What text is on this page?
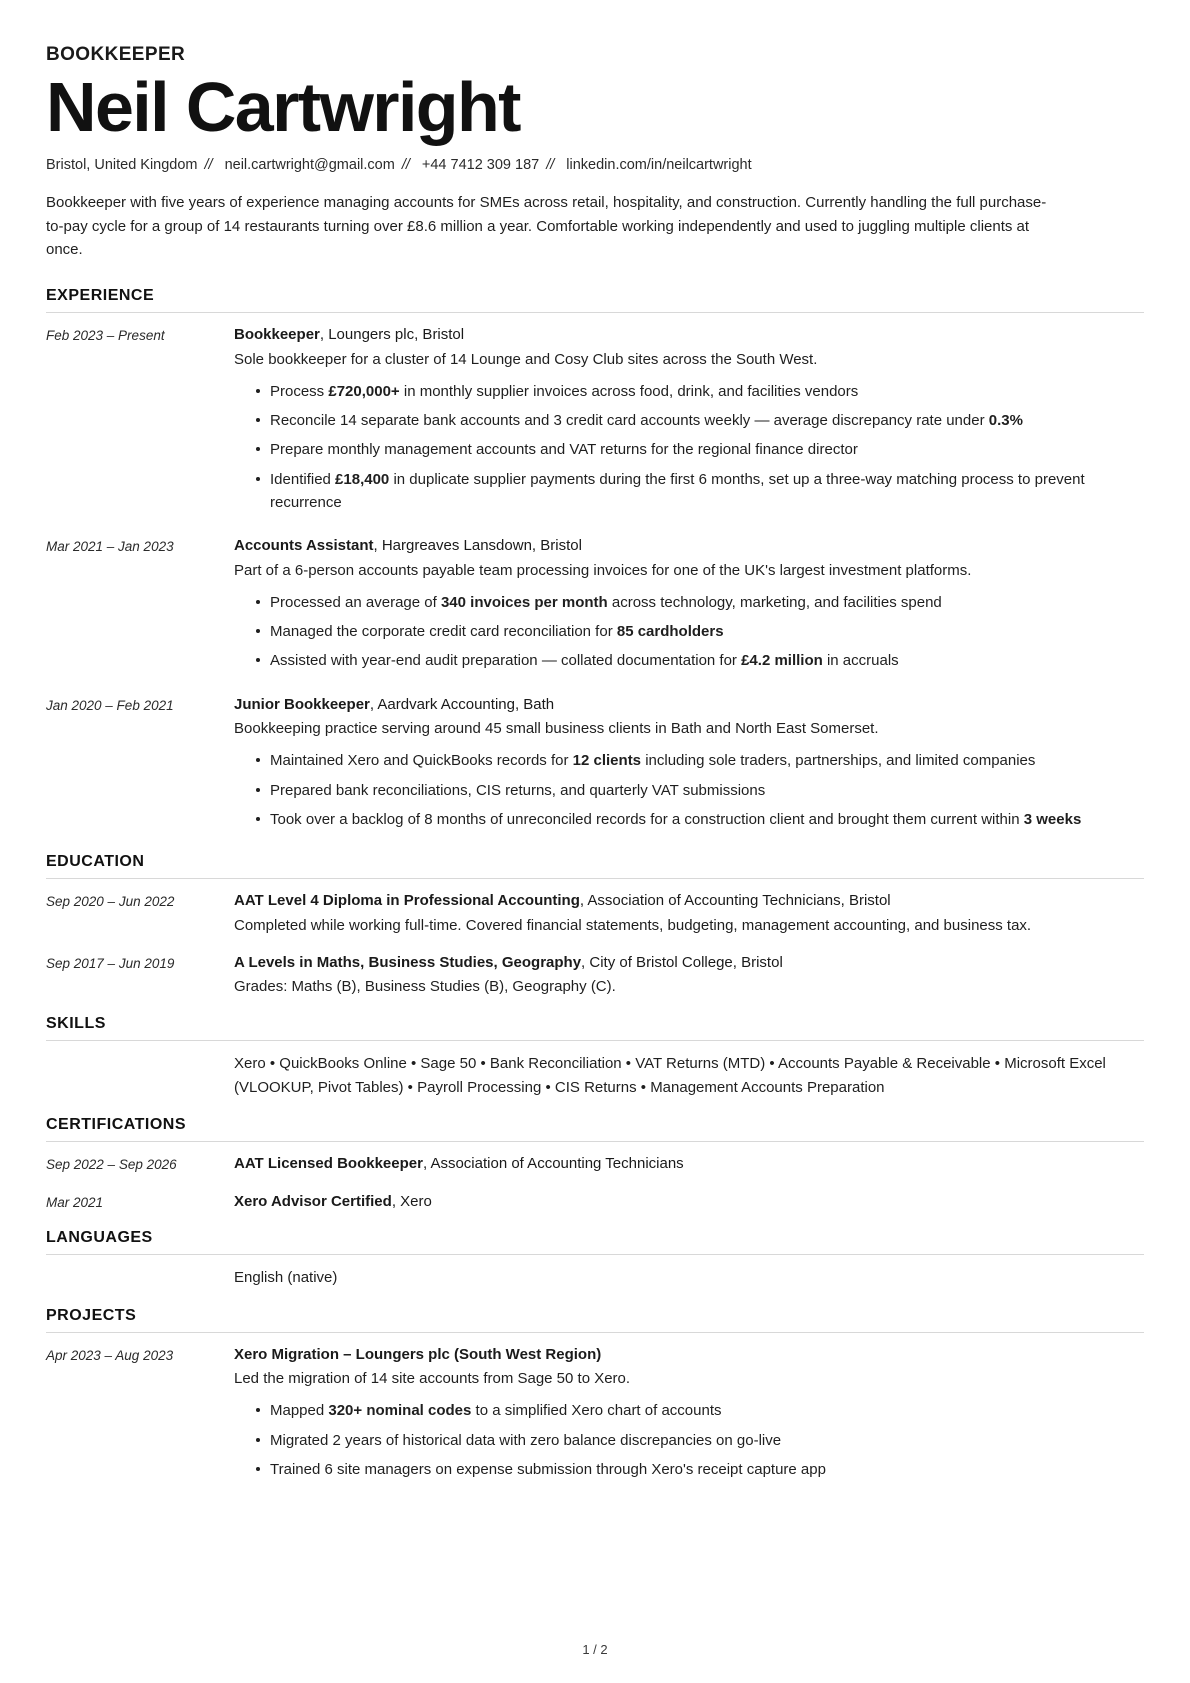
BOOKKEEPER
Neil Cartwright
Bristol, United Kingdom // neil.cartwright@gmail.com // +44 7412 309 187 // linkedin.com/in/neilcartwright

Bookkeeper with five years of experience managing accounts for SMEs across retail, hospitality, and construction. Currently handling the full purchase-to-pay cycle for a group of 14 restaurants turning over £8.6 million a year. Comfortable working independently and used to juggling multiple clients at once.

EXPERIENCE
Feb 2023 – Present	Bookkeeper, Loungers plc, Bristol

Sole bookkeeper for a cluster of 14 Lounge and Cosy Club sites across the South West.

Process £720,000+ in monthly supplier invoices across food, drink, and facilities vendors
Reconcile 14 separate bank accounts and 3 credit card accounts weekly — average discrepancy rate under 0.3%
Prepare monthly management accounts and VAT returns for the regional finance director
Identified £18,400 in duplicate supplier payments during the first 6 months, set up a three-way matching process to prevent recurrence
Mar 2021 – Jan 2023	Accounts Assistant, Hargreaves Lansdown, Bristol

Part of a 6-person accounts payable team processing invoices for one of the UK's largest investment platforms.

Processed an average of 340 invoices per month across technology, marketing, and facilities spend
Managed the corporate credit card reconciliation for 85 cardholders
Assisted with year-end audit preparation — collated documentation for £4.2 million in accruals
Jan 2020 – Feb 2021	Junior Bookkeeper, Aardvark Accounting, Bath

Bookkeeping practice serving around 45 small business clients in Bath and North East Somerset.

Maintained Xero and QuickBooks records for 12 clients including sole traders, partnerships, and limited companies
Prepared bank reconciliations, CIS returns, and quarterly VAT submissions
Took over a backlog of 8 months of unreconciled records for a construction client and brought them current within 3 weeks
EDUCATION
Sep 2020 – Jun 2022	AAT Level 4 Diploma in Professional Accounting, Association of Accounting Technicians, Bristol

Completed while working full-time. Covered financial statements, budgeting, management accounting, and business tax.

Sep 2017 – Jun 2019	A Levels in Maths, Business Studies, Geography, City of Bristol College, Bristol

Grades: Maths (B), Business Studies (B), Geography (C).

SKILLS

Xero • QuickBooks Online • Sage 50 • Bank Reconciliation • VAT Returns (MTD) • Accounts Payable & Receivable • Microsoft Excel (VLOOKUP, Pivot Tables) • Payroll Processing • CIS Returns • Management Accounts Preparation

CERTIFICATIONS
Sep 2022 – Sep 2026	AAT Licensed Bookkeeper, Association of Accounting Technicians

Mar 2021	Xero Advisor Certified, Xero

LANGUAGES

English (native)

PROJECTS
Apr 2023 – Aug 2023	Xero Migration – Loungers plc (South West Region)

Led the migration of 14 site accounts from Sage 50 to Xero.

Mapped 320+ nominal codes to a simplified Xero chart of accounts
Migrated 2 years of historical data with zero balance discrepancies on go-live
Trained 6 site managers on expense submission through Xero's receipt capture app
1 / 2
